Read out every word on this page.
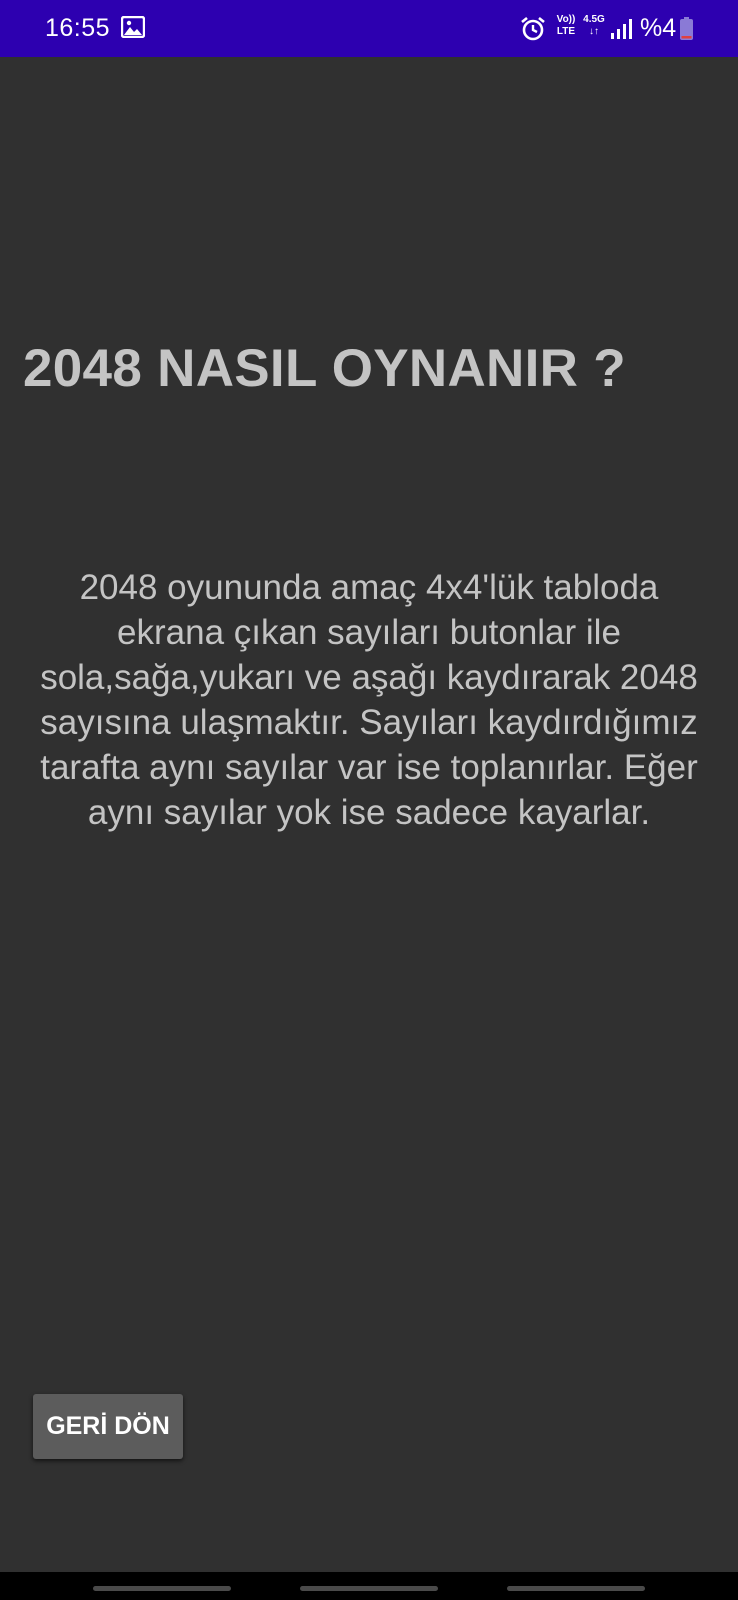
16:55	Vo))
LTE
4.5G
↓↑ %4
2048 NASIL OYNANIR ?

2048 oyununda amaç 4x4'lük tabloda ekrana çıkan sayıları butonlar ile sola,sağa,yukarı ve aşağı kaydırarak 2048 sayısına ulaşmaktır. Sayıları kaydırdığımız tarafta aynı sayılar var ise toplanırlar. Eğer aynı sayılar yok ise sadece kayarlar.

GERİ DÖN
